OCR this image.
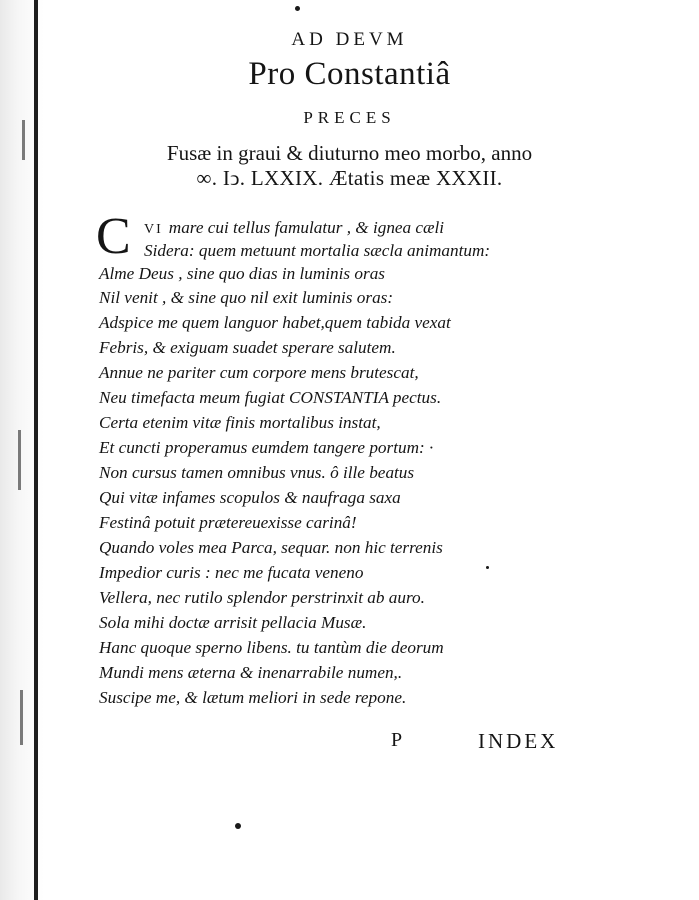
AD DEVM
Pro Constantiâ
PRECES
Fusæ in graui & diuturno meo morbo, anno
∞. Iↄ. LXXIX. Ætatis meæ XXXII.
C VI mare cui tellus famulatur , & ignea cæli
Sidera: quem metuunt mortalia sæcla animantum:
Alme Deus , sine quo dias in luminis oras
Nil venit , & sine quo nil exit luminis oras:
Adspice me quem languor habet,quem tabida vexat
Febris, & exiguam suadet sperare salutem.
Annue ne pariter cum corpore mens brutescat,
Neu timefacta meum fugiat CONSTANTIA pectus.
Certa etenim vitæ finis mortalibus instat,
Et cuncti properamus eumdem tangere portum: ·
Non cursus tamen omnibus vnus. ô ille beatus
Qui vitæ infames scopulos & naufraga saxa
Festinâ potuit prætereuexisse carinâ!
Quando voles mea Parca, sequar. non hic terrenis
Impedior curis : nec me fucata veneno
Vellera, nec rutilo splendor perstrinxit ab auro.
Sola mihi doctæ arrisit pellacia Musæ.
Hanc quoque sperno libens. tu tantùm die deorum
Mundi mens æterna & inenarrabile numen,.
Suscipe me, & lætum meliori in sede repone.
P	INDEX
